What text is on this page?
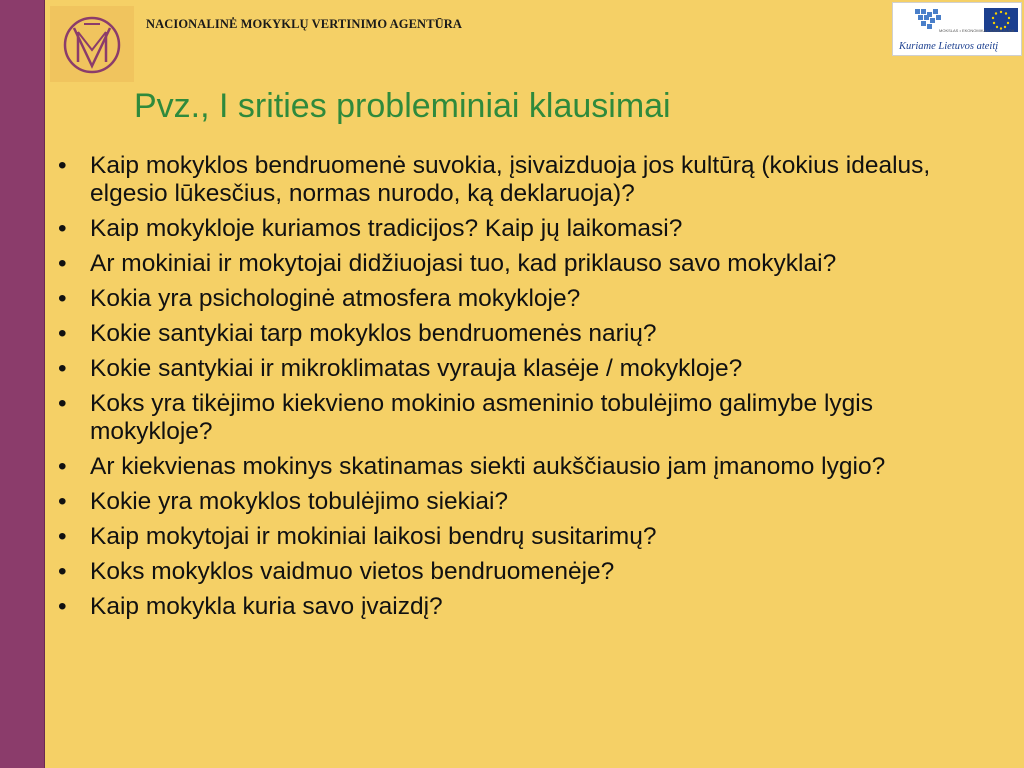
NACIONALINĖ MOKYKLŲ VERTINIMO AGENTŪRA	MOKSLAS • EKONOMIKA • SANGLAUDA
Kuriame Lietuvos ateitį
Pvz., I srities probleminiai klausimai
• Kaip mokyklos bendruomenė suvokia, įsivaizduoja jos kultūrą (kokius idealus, elgesio lūkesčius, normas nurodo, ką deklaruoja)?
• Kaip mokykloje kuriamos tradicijos? Kaip jų laikomasi?
• Ar mokiniai ir mokytojai didžiuojasi tuo, kad priklauso savo mokyklai?
• Kokia yra psichologinė atmosfera mokykloje?
• Kokie santykiai tarp mokyklos bendruomenės narių?
• Kokie santykiai ir mikroklimatas vyrauja klasėje / mokykloje?
• Koks yra tikėjimo kiekvieno mokinio asmeninio tobulėjimo galimybe lygis mokykloje?
• Ar kiekvienas mokinys skatinamas siekti aukščiausio jam įmanomo lygio?
• Kokie yra mokyklos tobulėjimo siekiai?
• Kaip mokytojai ir mokiniai laikosi bendrų susitarimų?
• Koks mokyklos vaidmuo vietos bendruomenėje?
• Kaip mokykla kuria savo įvaizdį?
